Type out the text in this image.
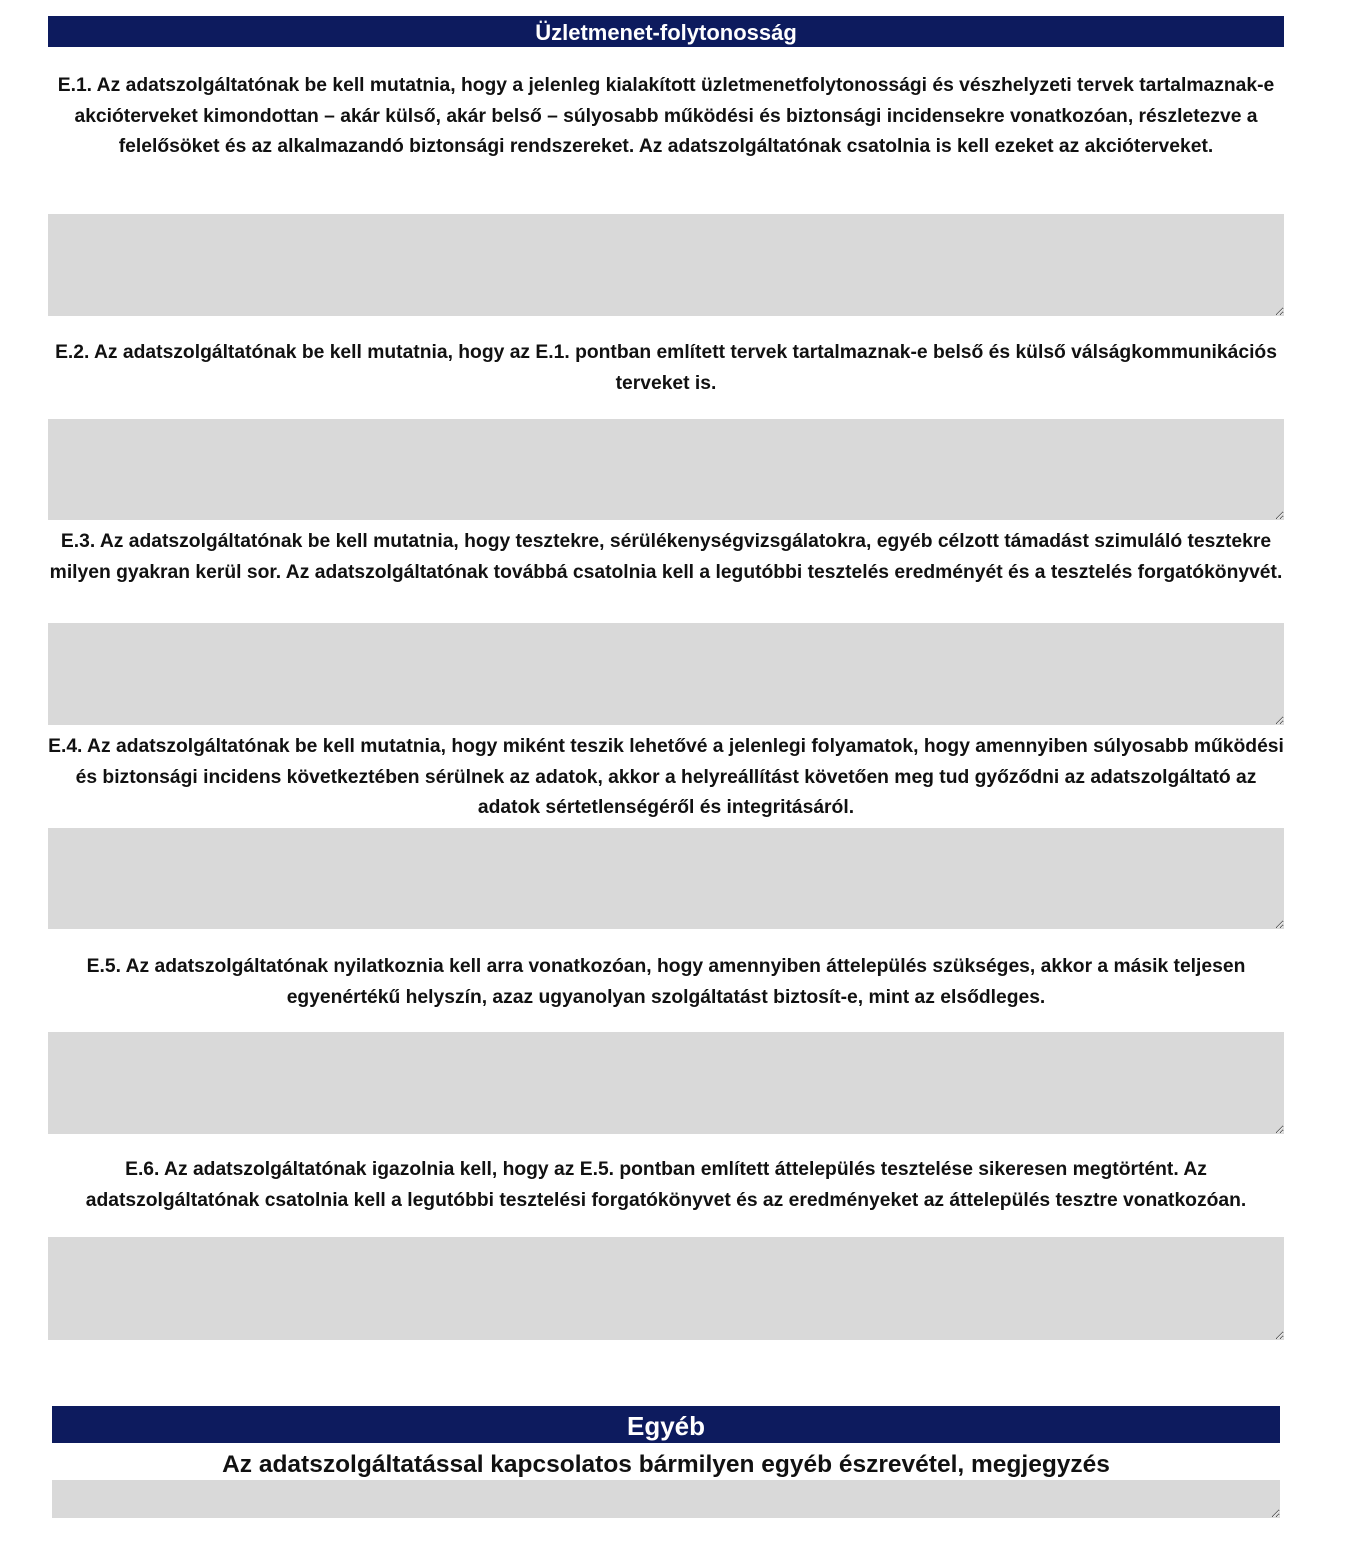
Üzletmenet-folytonosság
E.1. Az adatszolgáltatónak be kell mutatnia, hogy a jelenleg kialakított üzletmenetfolytonossági és vészhelyzeti tervek tartalmaznak-e akcióterveket kimondottan – akár külső, akár belső – súlyosabb működési és biztonsági incidensekre vonatkozóan, részletezve a felelősöket és az alkalmazandó biztonsági rendszereket. Az adatszolgáltatónak csatolnia is kell ezeket az akcióterveket.
E.2. Az adatszolgáltatónak be kell mutatnia, hogy az E.1. pontban említett tervek tartalmaznak-e belső és külső válságkommunikációs terveket is.
E.3. Az adatszolgáltatónak be kell mutatnia, hogy tesztekre, sérülékenységvizsgálatokra, egyéb célzott támadást szimuláló tesztekre milyen gyakran kerül sor. Az adatszolgáltatónak továbbá csatolnia kell a legutóbbi tesztelés eredményét és a tesztelés forgatókönyvét.
E.4. Az adatszolgáltatónak be kell mutatnia, hogy miként teszik lehetővé a jelenlegi folyamatok, hogy amennyiben súlyosabb működési és biztonsági incidens következtében sérülnek az adatok, akkor a helyreállítást követően meg tud győződni az adatszolgáltató az adatok sértetlenségéről és integritásáról.
E.5. Az adatszolgáltatónak nyilatkoznia kell arra vonatkozóan, hogy amennyiben áttelepülés szükséges, akkor a másik teljesen egyenértékű helyszín, azaz ugyanolyan szolgáltatást biztosít-e, mint az elsődleges.
E.6. Az adatszolgáltatónak igazolnia kell, hogy az E.5. pontban említett áttelepülés tesztelése sikeresen megtörtént. Az adatszolgáltatónak csatolnia kell a legutóbbi tesztelési forgatókönyvet és az eredményeket az áttelepülés tesztre vonatkozóan.
Egyéb
Az adatszolgáltatással kapcsolatos bármilyen egyéb észrevétel, megjegyzés
